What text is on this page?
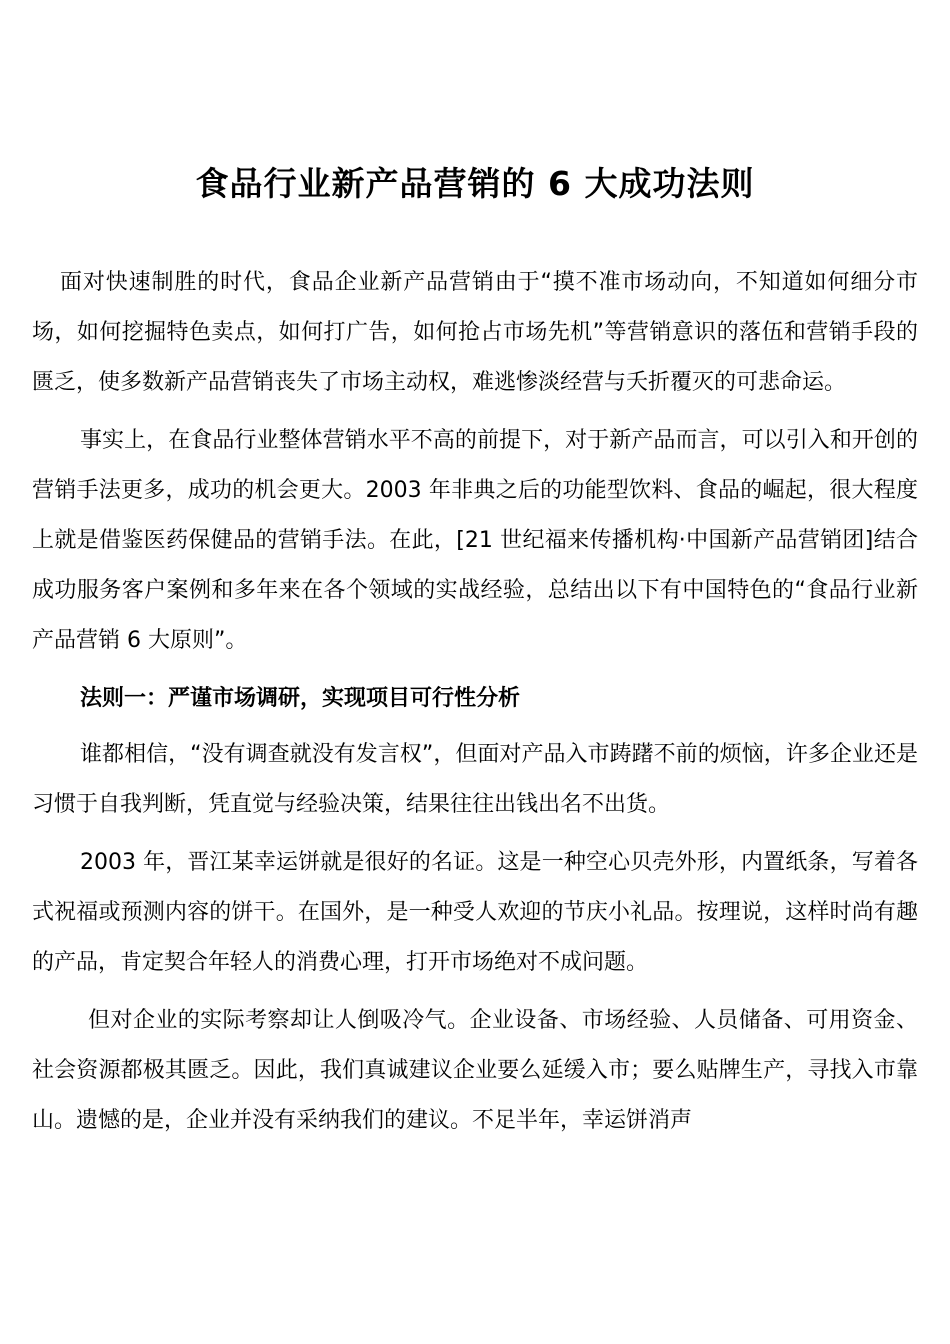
食品行业新产品营销的 6 大成功法则

面对快速制胜的时代，食品企业新产品营销由于“摸不准市场动向，不知道如何细分市场，如何挖掘特色卖点，如何打广告，如何抢占市场先机”等营销意识的落伍和营销手段的匮乏，使多数新产品营销丧失了市场主动权，难逃惨淡经营与夭折覆灭的可悲命运。

事实上，在食品行业整体营销水平不高的前提下，对于新产品而言，可以引入和开创的营销手法更多，成功的机会更大。2003 年非典之后的功能型饮料、食品的崛起，很大程度上就是借鉴医药保健品的营销手法。在此，[21 世纪福来传播机构·中国新产品营销团]结合成功服务客户案例和多年来在各个领域的实战经验，总结出以下有中国特色的“食品行业新产品营销 6 大原则”。

法则一：严谨市场调研，实现项目可行性分析

谁都相信，“没有调查就没有发言权”，但面对产品入市踌躇不前的烦恼，许多企业还是习惯于自我判断，凭直觉与经验决策，结果往往出钱出名不出货。

2003 年，晋江某幸运饼就是很好的名证。这是一种空心贝壳外形，内置纸条，写着各式祝福或预测内容的饼干。在国外，是一种受人欢迎的节庆小礼品。按理说，这样时尚有趣的产品，肯定契合年轻人的消费心理，打开市场绝对不成问题。

但对企业的实际考察却让人倒吸冷气。企业设备、市场经验、人员储备、可用资金、社会资源都极其匮乏。因此，我们真诚建议企业要么延缓入市；要么贴牌生产，寻找入市靠山。遗憾的是，企业并没有采纳我们的建议。不足半年，幸运饼消声
